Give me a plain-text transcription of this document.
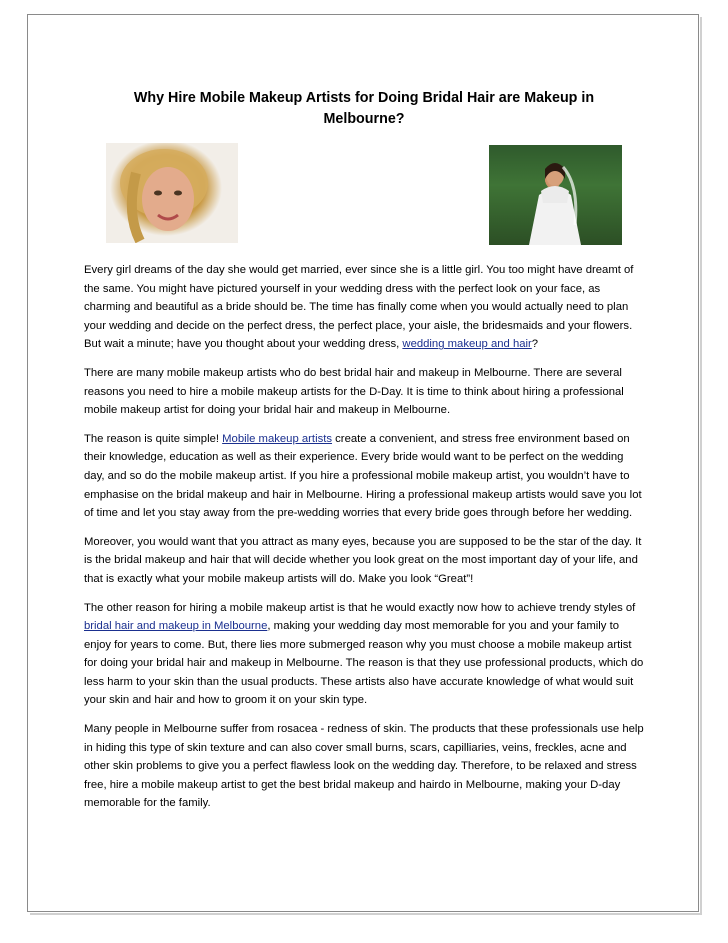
Why Hire Mobile Makeup Artists for Doing Bridal Hair are Makeup in Melbourne?

Every girl dreams of the day she would get married, ever since she is a little girl. You too might have dreamt of the same. You might have pictured yourself in your wedding dress with the perfect look on your face, as charming and beautiful as a bride should be. The time has finally come when you would actually need to plan your wedding and decide on the perfect dress, the perfect place, your aisle, the bridesmaids and your flowers. But wait a minute; have you thought about your wedding dress, wedding makeup and hair?

There are many mobile makeup artists who do best bridal hair and makeup in Melbourne. There are several reasons you need to hire a mobile makeup artists for the D-Day. It is time to think about hiring a professional mobile makeup artist for doing your bridal hair and makeup in Melbourne.

The reason is quite simple! Mobile makeup artists create a convenient, and stress free environment based on their knowledge, education as well as their experience. Every bride would want to be perfect on the wedding day, and so do the mobile makeup artist. If you hire a professional mobile makeup artist, you wouldn’t have to emphasise on the bridal makeup and hair in Melbourne. Hiring a professional makeup artists would save you lot of time and let you stay away from the pre-wedding worries that every bride goes through before her wedding.

Moreover, you would want that you attract as many eyes, because you are supposed to be the star of the day. It is the bridal makeup and hair that will decide whether you look great on the most important day of your life, and that is exactly what your mobile makeup artists will do. Make you look “Great”!

The other reason for hiring a mobile makeup artist is that he would exactly now how to achieve trendy styles of bridal hair and makeup in Melbourne, making your wedding day most memorable for you and your family to enjoy for years to come. But, there lies more submerged reason why you must choose a mobile makeup artist for doing your bridal hair and makeup in Melbourne. The reason is that they use professional products, which do less harm to your skin than the usual products. These artists also have accurate knowledge of what would suit your skin and hair and how to groom it on your skin type.

Many people in Melbourne suffer from rosacea - redness of skin. The products that these professionals use help in hiding this type of skin texture and can also cover small burns, scars, capilliaries, veins, freckles, acne and other skin problems to give you a perfect flawless look on the wedding day. Therefore, to be relaxed and stress free, hire a mobile makeup artist to get the best bridal makeup and hairdo in Melbourne, making your D-day memorable for the family.
